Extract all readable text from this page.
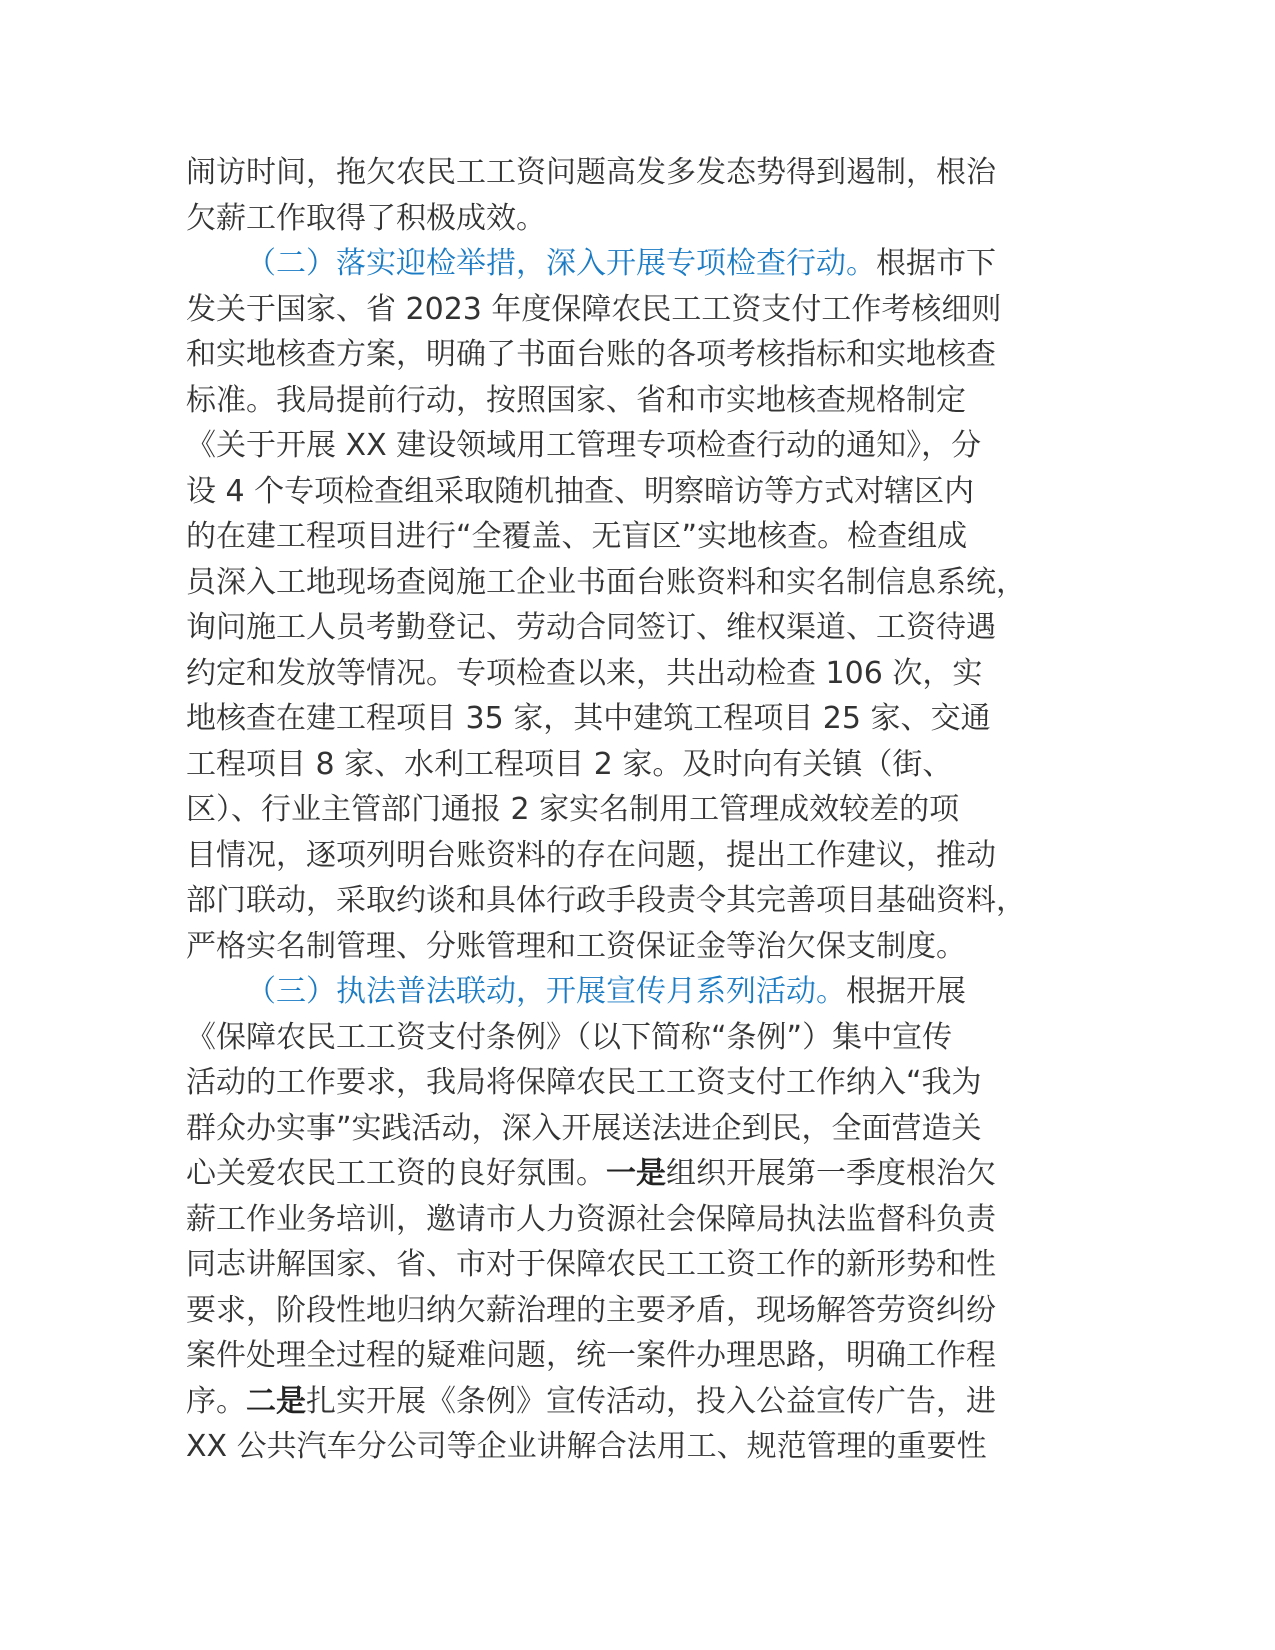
闹访时间，拖欠农民工工资问题高发多发态势得到遏制，根治
欠薪工作取得了积极成效。
（二）落实迎检举措，深入开展专项检查行动。根据市下
发关于国家、省 2023 年度保障农民工工资支付工作考核细则
和实地核查方案，明确了书面台账的各项考核指标和实地核查
标准。我局提前行动，按照国家、省和市实地核查规格制定
《关于开展 XX 建设领域用工管理专项检查行动的通知》，分
设 4 个专项检查组采取随机抽查、明察暗访等方式对辖区内
的在建工程项目进行“全覆盖、无盲区”实地核查。检查组成
员深入工地现场查阅施工企业书面台账资料和实名制信息系统，
询问施工人员考勤登记、劳动合同签订、维权渠道、工资待遇
约定和发放等情况。专项检查以来，共出动检查 106 次，实
地核查在建工程项目 35 家，其中建筑工程项目 25 家、交通
工程项目 8 家、水利工程项目 2 家。及时向有关镇（街、
区）、行业主管部门通报 2 家实名制用工管理成效较差的项
目情况，逐项列明台账资料的存在问题，提出工作建议，推动
部门联动，采取约谈和具体行政手段责令其完善项目基础资料，
严格实名制管理、分账管理和工资保证金等治欠保支制度。
（三）执法普法联动，开展宣传月系列活动。根据开展
《保障农民工工资支付条例》（以下简称“条例”）集中宣传
活动的工作要求，我局将保障农民工工资支付工作纳入“我为
群众办实事”实践活动，深入开展送法进企到民，全面营造关
心关爱农民工工资的良好氛围。一是组织开展第一季度根治欠
薪工作业务培训，邀请市人力资源社会保障局执法监督科负责
同志讲解国家、省、市对于保障农民工工资工作的新形势和性
要求，阶段性地归纳欠薪治理的主要矛盾，现场解答劳资纠纷
案件处理全过程的疑难问题，统一案件办理思路，明确工作程
序。二是扎实开展《条例》宣传活动，投入公益宣传广告，进
XX 公共汽车分公司等企业讲解合法用工、规范管理的重要性
